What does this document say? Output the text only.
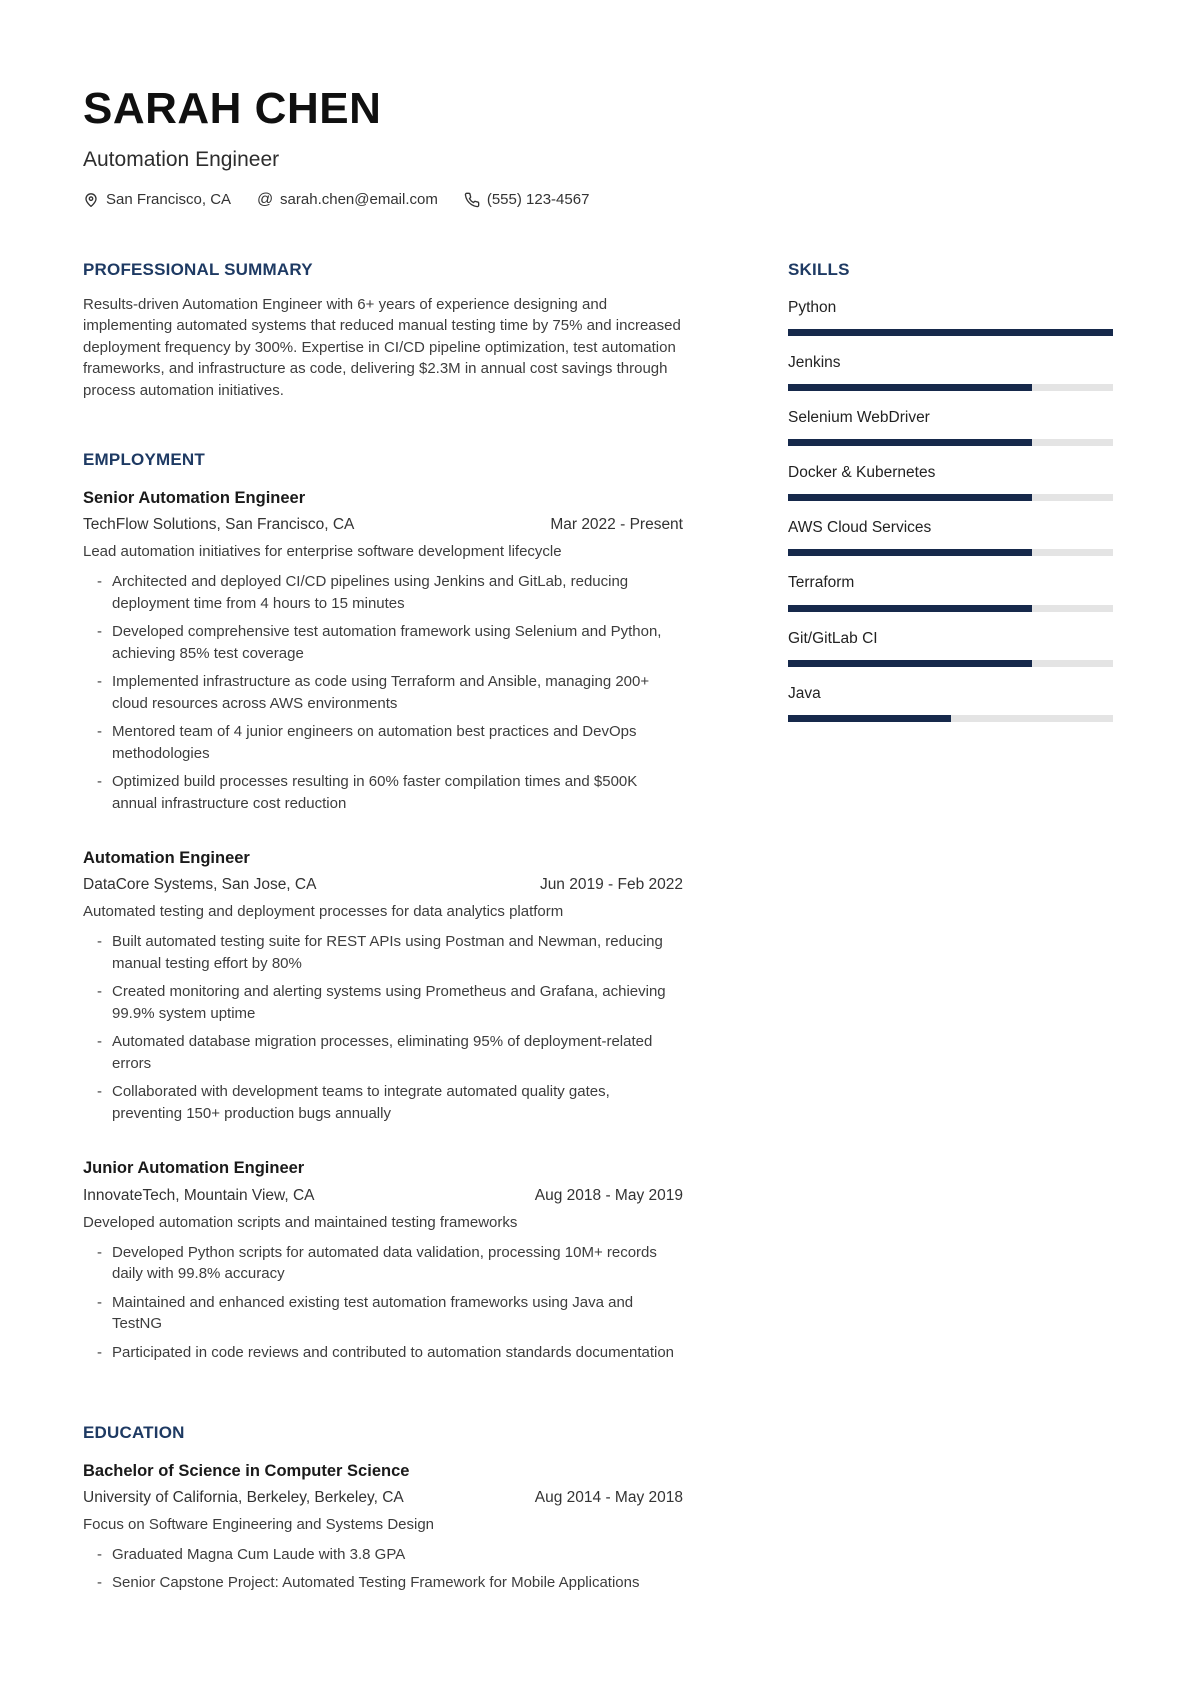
SARAH CHEN
Automation Engineer
San Francisco, CA @ sarah.chen@email.com	(555) 123-4567
PROFESSIONAL SUMMARY
Results-driven Automation Engineer with 6+ years of experience designing and implementing automated systems that reduced manual testing time by 75% and increased deployment frequency by 300%. Expertise in CI/CD pipeline optimization, test automation frameworks, and infrastructure as code, delivering $2.3M in annual cost savings through process automation initiatives.
EMPLOYMENT
Senior Automation Engineer
TechFlow Solutions, San Francisco, CA	Mar 2022 - Present
Lead automation initiatives for enterprise software development lifecycle
- Architected and deployed CI/CD pipelines using Jenkins and GitLab, reducing deployment time from 4 hours to 15 minutes
- Developed comprehensive test automation framework using Selenium and Python, achieving 85% test coverage
- Implemented infrastructure as code using Terraform and Ansible, managing 200+ cloud resources across AWS environments
- Mentored team of 4 junior engineers on automation best practices and DevOps methodologies
- Optimized build processes resulting in 60% faster compilation times and $500K annual infrastructure cost reduction
Automation Engineer
DataCore Systems, San Jose, CA	Jun 2019 - Feb 2022
Automated testing and deployment processes for data analytics platform
- Built automated testing suite for REST APIs using Postman and Newman, reducing manual testing effort by 80%
- Created monitoring and alerting systems using Prometheus and Grafana, achieving 99.9% system uptime
- Automated database migration processes, eliminating 95% of deployment-related errors
- Collaborated with development teams to integrate automated quality gates, preventing 150+ production bugs annually
Junior Automation Engineer
InnovateTech, Mountain View, CA	Aug 2018 - May 2019
Developed automation scripts and maintained testing frameworks
- Developed Python scripts for automated data validation, processing 10M+ records daily with 99.8% accuracy
- Maintained and enhanced existing test automation frameworks using Java and TestNG
- Participated in code reviews and contributed to automation standards documentation
EDUCATION
Bachelor of Science in Computer Science
University of California, Berkeley, Berkeley, CA	Aug 2014 - May 2018
Focus on Software Engineering and Systems Design
- Graduated Magna Cum Laude with 3.8 GPA
- Senior Capstone Project: Automated Testing Framework for Mobile Applications
SKILLS
Python
Jenkins
Selenium WebDriver
Docker & Kubernetes
AWS Cloud Services
Terraform
Git/GitLab CI
Java
